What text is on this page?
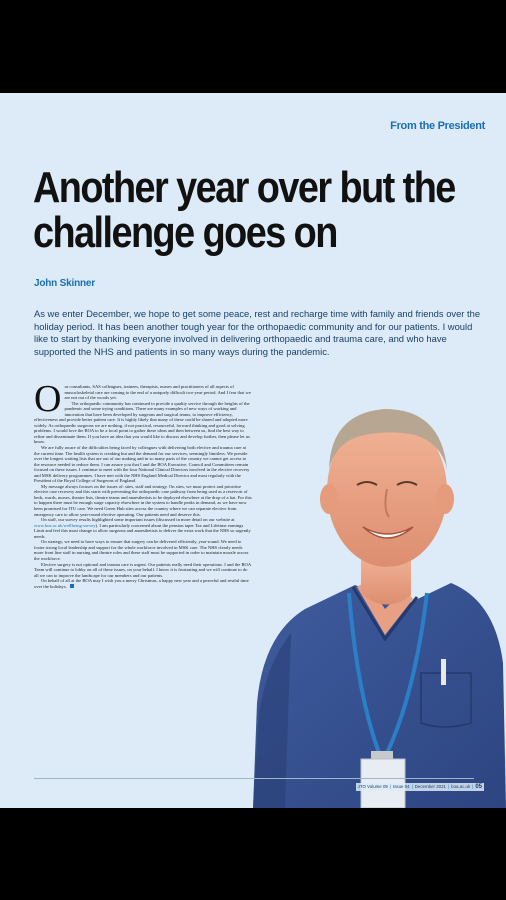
From the President
Another year over but the
challenge goes on
John Skinner
As we enter December, we hope to get some peace, rest and recharge time with family and friends over the holiday period. It has been another tough year for the orthopaedic community and for our patients. I would like to start by thanking everyone involved in delivering orthopaedic and trauma care, and who have supported the NHS and patients in so many ways during the pandemic.

Our consultants, SAS colleagues, trainees, therapists, nurses and practitioners of all aspects of musculoskeletal care are coming to the end of a uniquely difficult two-year period. And I fear that we are not out of the woods yet.

The orthopaedic community has continued to provide a quality service through the heights of the pandemic and some trying conditions. There are many examples of new ways of working and innovation that have been developed by surgeons and surgical teams, to improve efficiency, effectiveness and provide better patient care. It is highly likely that many of these could be shared and adopted more widely. As orthopaedic surgeons we are nothing, if not practical, resourceful, forward thinking and good at solving problems. I would love the BOA to be a focal point to gather these ideas and then between us, find the best way to refine and disseminate them. If you have an idea that you would like to discuss and develop further, then please let us know.

We are fully aware of the difficulties being faced by colleagues with delivering both elective and trauma care at the current time. The health system is creaking but and the demand for our services, seemingly limitless. We preside over the longest waiting lists that are out of our making and in so many parts of the country we cannot get access to the resource needed to reduce them. I can assure you that I and the BOA Executive, Council and Committees remain focused on these issues. I continue to meet with the four National Clinical Directors involved in the elective recovery and MSK delivery programmes. I have met with the NHS England Medical Director and most regularly with the President of the Royal College of Surgeons of England.

My message always focuses on the issues of: sites, staff and strategy. On sites, we must protect and prioritise elective care recovery and this starts with preventing the orthopaedic care pathway from being used as a reservoir of beds, wards, nurses, theatre lists, theatre teams and anaesthetists to be deployed elsewhere at the drop of a hat. For this to happen there must be enough surge capacity elsewhere in the system to handle peaks in demand, as we have now been promised for ITU care. We need Green Hub sites across the country where we can separate elective from emergency care to allow year-round elective operating. Our patients need and deserve this.

On staff, our survey results highlighted some important issues (discussed in more detail on our website at www.boa.ac.uk/wellbeing-survey). I am particularly concerned about the pension taper Tax and Lifetime earnings Limit and feel this must change to allow surgeons and anaesthetists to deliver the extra work that the NHS so urgently needs.

On strategy, we need to have ways to ensure that surgery can be delivered efficiently, year-round. We need to foster strong local leadership and support for the whole workforce involved in MSK care. The NHS clearly needs more front line staff in nursing and theatre roles and these staff must be supported in order to maintain morale across the workforce.

Elective surgery is not optional and trauma care is urgent. Our patients really need their operations. I and the BOA Team will continue to lobby on all of these issues, on your behalf. I know it is frustrating and we will continue to do all we can to improve the landscape for our members and our patients.

On behalf of all at the BOA may I wish you a merry Christmas, a happy new year and a peaceful and restful time over the holidays.

JTO Volume 09 | Issue 04 | December 2021 | boa.ac.uk | 05
